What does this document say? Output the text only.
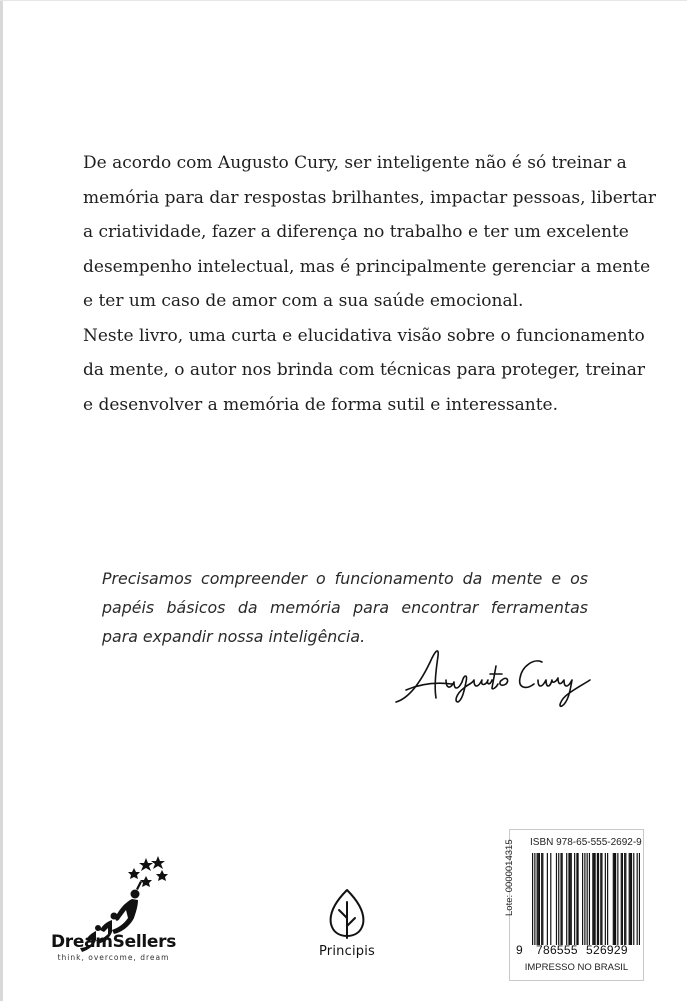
De acordo com Augusto Cury, ser inteligente não é só treinar a
memória para dar respostas brilhantes, impactar pessoas, libertar
a criatividade, fazer a diferença no trabalho e ter um excelente
desempenho intelectual, mas é principalmente gerenciar a mente
e ter um caso de amor com a sua saúde emocional.
Neste livro, uma curta e elucidativa visão sobre o funcionamento
da mente, o autor nos brinda com técnicas para proteger, treinar
e desenvolver a memória de forma sutil e interessante.

Precisamos compreender o funcionamento da mente e os
papéis básicos da memória para encontrar ferramentas
para expandir nossa inteligência.

DreamSellers
think, overcome, dream	Principis
Lote: 0000014315 ISBN 978-65-555-2692-9
9 786555 526929
IMPRESSO NO BRASIL
